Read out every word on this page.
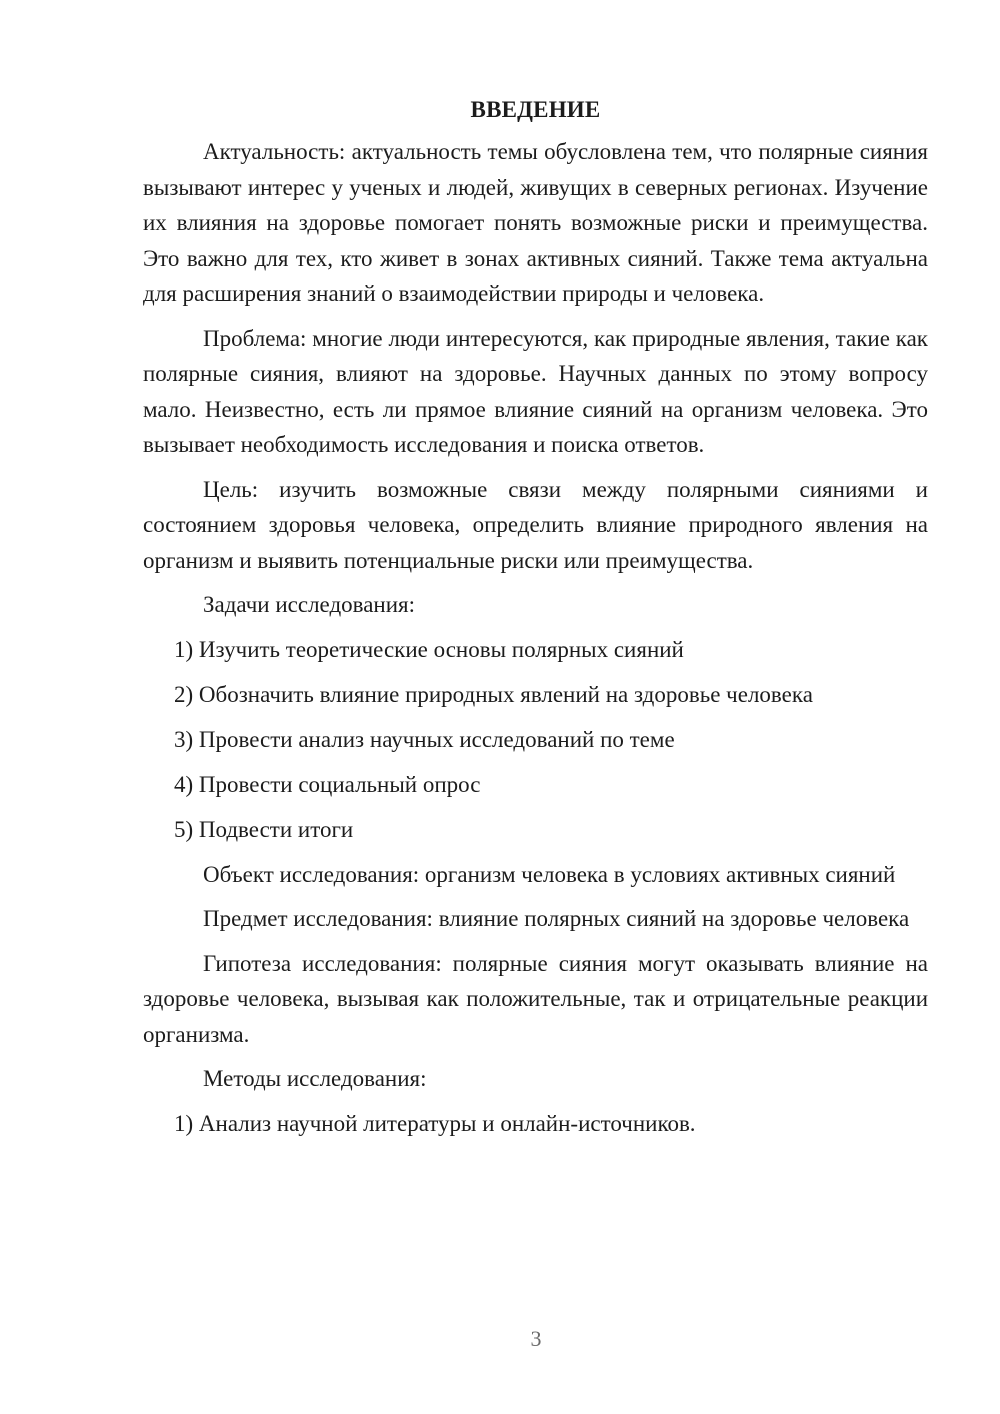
ВВЕДЕНИЕ

Актуальность: актуальность темы обусловлена тем, что полярные сияния вызывают интерес у ученых и людей, живущих в северных регионах. Изучение их влияния на здоровье помогает понять возможные риски и преимущества. Это важно для тех, кто живет в зонах активных сияний. Также тема актуальна для расширения знаний о взаимодействии природы и человека.

Проблема: многие люди интересуются, как природные явления, такие как полярные сияния, влияют на здоровье. Научных данных по этому вопросу мало. Неизвестно, есть ли прямое влияние сияний на организм человека. Это вызывает необходимость исследования и поиска ответов.

Цель: изучить возможные связи между полярными сияниями и состоянием здоровья человека, определить влияние природного явления на организм и выявить потенциальные риски или преимущества.

Задачи исследования:
1) Изучить теоретические основы полярных сияний
2) Обозначить влияние природных явлений на здоровье человека
3) Провести анализ научных исследований по теме
4) Провести социальный опрос
5) Подвести итоги

Объект исследования: организм человека в условиях активных сияний

Предмет исследования: влияние полярных сияний на здоровье человека

Гипотеза исследования: полярные сияния могут оказывать влияние на здоровье человека, вызывая как положительные, так и отрицательные реакции организма.

Методы исследования:
1) Анализ научной литературы и онлайн-источников.
3
